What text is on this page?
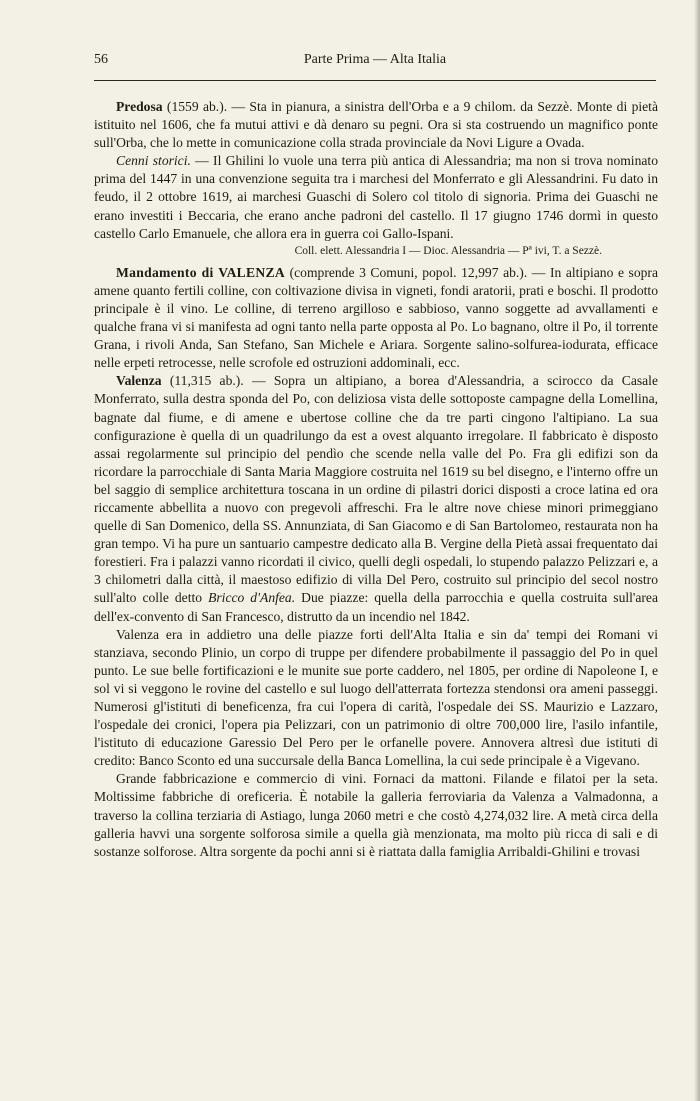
56	Parte Prima — Alta Italia

Predosa (1559 ab.). — Sta in pianura, a sinistra dell'Orba e a 9 chilom. da Sezzè. Monte di pietà istituito nel 1606, che fa mutui attivi e dà denaro su pegni. Ora si sta costruendo un magnifico ponte sull'Orba, che lo mette in comunicazione colla strada provinciale da Novi Ligure a Ovada.

Cenni storici. — Il Ghilini lo vuole una terra più antica di Alessandria; ma non si trova nominato prima del 1447 in una convenzione seguita tra i marchesi del Monferrato e gli Alessandrini. Fu dato in feudo, il 2 ottobre 1619, ai marchesi Guaschi di Solero col titolo di signoria. Prima dei Guaschi ne erano investiti i Beccaria, che erano anche padroni del castello. Il 17 giugno 1746 dormì in questo castello Carlo Emanuele, che allora era in guerra coi Gallo-Ispani.

Coll. elett. Alessandria I — Dioc. Alessandria — Pª ivi, T. a Sezzè.

Mandamento di VALENZA (comprende 3 Comuni, popol. 12,997 ab.). — In altipiano e sopra amene quanto fertili colline, con coltivazione divisa in vigneti, fondi aratorii, prati e boschi. Il prodotto principale è il vino. Le colline, di terreno argilloso e sabbioso, vanno soggette ad avvallamenti e qualche frana vi si manifesta ad ogni tanto nella parte opposta al Po. Lo bagnano, oltre il Po, il torrente Grana, i rivoli Anda, San Stefano, San Michele e Ariara. Sorgente salino-solfurea-iodurata, efficace nelle erpeti retrocesse, nelle scrofole ed ostruzioni addominali, ecc.

Valenza (11,315 ab.). — Sopra un altipiano, a borea d'Alessandria, a scirocco da Casale Monferrato, sulla destra sponda del Po, con deliziosa vista delle sottoposte campagne della Lomellina, bagnate dal fiume, e di amene e ubertose colline che da tre parti cingono l'altipiano. La sua configurazione è quella di un quadrilungo da est a ovest alquanto irregolare. Il fabbricato è disposto assai regolarmente sul principio del pendìo che scende nella valle del Po. Fra gli edifizi son da ricordare la parrocchiale di Santa Maria Maggiore costruita nel 1619 su bel disegno, e l'interno offre un bel saggio di semplice architettura toscana in un ordine di pilastri dorici disposti a croce latina ed ora riccamente abbellita a nuovo con pregevoli affreschi. Fra le altre nove chiese minori primeggiano quelle di San Domenico, della SS. Annunziata, di San Giacomo e di San Bartolomeo, restaurata non ha gran tempo. Vi ha pure un santuario campestre dedicato alla B. Vergine della Pietà assai frequentato dai forestieri. Fra i palazzi vanno ricordati il civico, quelli degli ospedali, lo stupendo palazzo Pelizzari e, a 3 chilometri dalla città, il maestoso edifizio di villa Del Pero, costruito sul principio del secol nostro sull'alto colle detto Bricco d'Anfea. Due piazze: quella della parrocchia e quella costruita sull'area dell'ex-convento di San Francesco, distrutto da un incendio nel 1842.

Valenza era in addietro una delle piazze forti dell'Alta Italia e sin da' tempi dei Romani vi stanziava, secondo Plinio, un corpo di truppe per difendere probabilmente il passaggio del Po in quel punto. Le sue belle fortificazioni e le munite sue porte caddero, nel 1805, per ordine di Napoleone I, e sol vi si veggono le rovine del castello e sul luogo dell'atterrata fortezza stendonsi ora ameni passeggi. Numerosi gl'istituti di beneficenza, fra cui l'opera di carità, l'ospedale dei SS. Maurizio e Lazzaro, l'ospedale dei cronici, l'opera pia Pelizzari, con un patrimonio di oltre 700,000 lire, l'asilo infantile, l'istituto di educazione Garessio Del Pero per le orfanelle povere. Annovera altresì due istituti di credito: Banco Sconto ed una succursale della Banca Lomellina, la cui sede principale è a Vigevano.

Grande fabbricazione e commercio di vini. Fornaci da mattoni. Filande e filatoi per la seta. Moltissime fabbriche di oreficeria. È notabile la galleria ferroviaria da Valenza a Valmadonna, a traverso la collina terziaria di Astiago, lunga 2060 metri e che costò 4,274,032 lire. A metà circa della galleria havvi una sorgente solforosa simile a quella già menzionata, ma molto più ricca di sali e di sostanze solforose. Altra sorgente da pochi anni si è riattata dalla famiglia Arribaldi-Ghilini e trovasi
